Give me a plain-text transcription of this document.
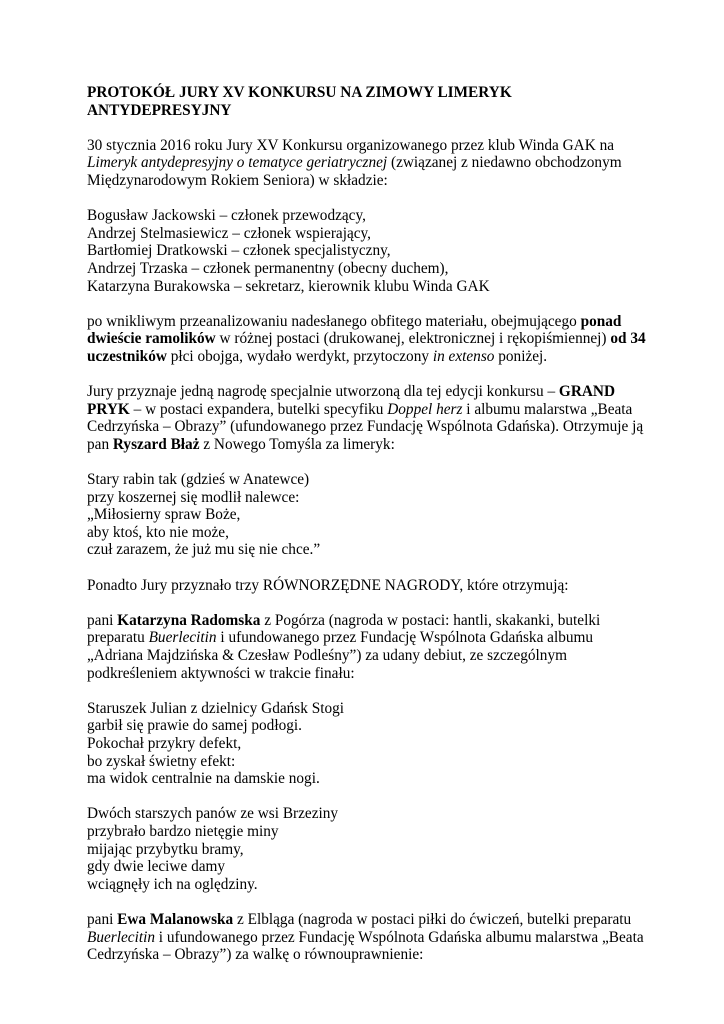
PROTOKÓŁ JURY XV KONKURSU NA ZIMOWY LIMERYK ANTYDEPRESYJNY

30 stycznia 2016 roku Jury XV Konkursu organizowanego przez klub Winda GAK na Limeryk antydepresyjny o tematyce geriatrycznej (związanej z niedawno obchodzonym Międzynarodowym Rokiem Seniora) w składzie:

Bogusław Jackowski – członek przewodzący,
Andrzej Stelmasiewicz – członek wspierający,
Bartłomiej Dratkowski – członek specjalistyczny,
Andrzej Trzaska – członek permanentny (obecny duchem),
Katarzyna Burakowska – sekretarz, kierownik klubu Winda GAK

po wnikliwym przeanalizowaniu nadesłanego obfitego materiału, obejmującego ponad dwieście ramolików w różnej postaci (drukowanej, elektronicznej i rękopiśmiennej) od 34 uczestników płci obojga, wydało werdykt, przytoczony in extenso poniżej.

Jury przyznaje jedną nagrodę specjalnie utworzoną dla tej edycji konkursu – GRAND PRYK – w postaci expandera, butelki specyfiku Doppel herz i albumu malarstwa „Beata Cedrzyńska – Obrazy” (ufundowanego przez Fundację Wspólnota Gdańska). Otrzymuje ją pan Ryszard Błaż z Nowego Tomyśla za limeryk:

Stary rabin tak (gdzieś w Anatewce)
przy koszernej się modlił nalewce:
„Miłosierny spraw Boże,
aby ktoś, kto nie może,
czuł zarazem, że już mu się nie chce.”

Ponadto Jury przyznało trzy RÓWNORZĘDNE NAGRODY, które otrzymują:

pani Katarzyna Radomska z Pogórza (nagroda w postaci: hantli, skakanki, butelki preparatu Buerlecitin i ufundowanego przez Fundację Wspólnota Gdańska albumu „Adriana Majdzińska & Czesław Podleśny”) za udany debiut, ze szczególnym podkreśleniem aktywności w trakcie finału:

Staruszek Julian z dzielnicy Gdańsk Stogi
garbił się prawie do samej podłogi.
Pokochał przykry defekt,
bo zyskał świetny efekt:
ma widok centralnie na damskie nogi.

Dwóch starszych panów ze wsi Brzeziny
przybrało bardzo nietęgie miny
mijając przybytku bramy,
gdy dwie leciwe damy
wciągnęły ich na oględziny.

pani Ewa Malanowska z Elbląga (nagroda w postaci piłki do ćwiczeń, butelki preparatu Buerlecitin i ufundowanego przez Fundację Wspólnota Gdańska albumu malarstwa „Beata Cedrzyńska – Obrazy”) za walkę o równouprawnienie:
